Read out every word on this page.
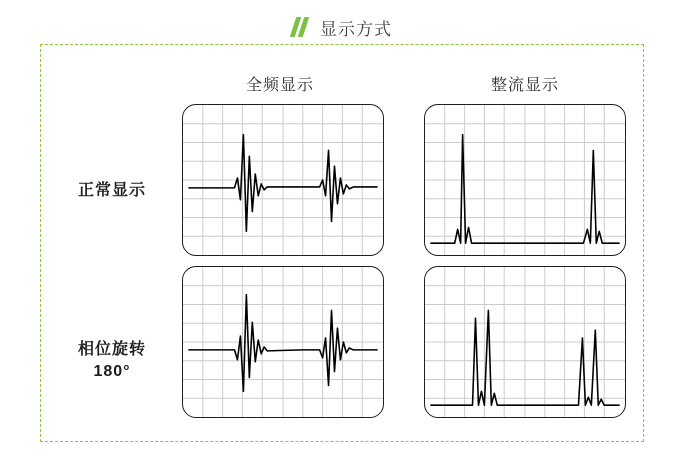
显示方式
全频显示	整流显示
正常显示
相位旋转
180°
